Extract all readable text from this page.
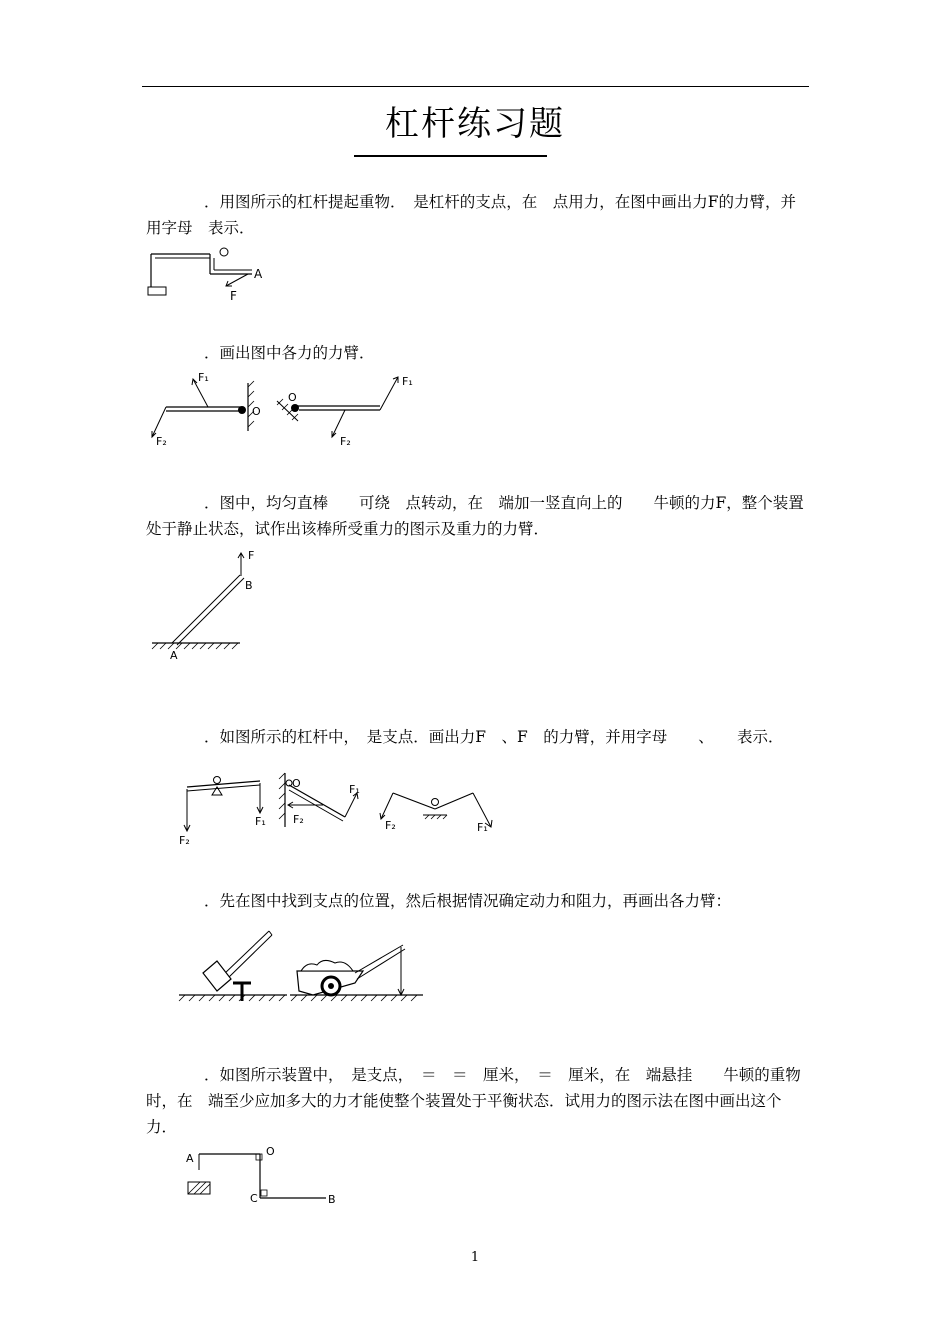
杠杆练习题

．用图所示的杠杆提起重物．　是杠杆的支点，在　点用力，在图中画出力F的力臂，并用字母　表示．

A
F

．画出图中各力的力臂．

F₁
F₂
O
O
F₁
F₂

．图中，均匀直棒　　可绕　点转动，在　端加一竖直向上的　　牛顿的力F，整个装置处于静止状态，试作出该棒所受重力的图示及重力的力臂．

F
B
A

．如图所示的杠杆中，　是支点．画出力F　、F　的力臂，并用字母　　、　　表示．

F₂
F₁
O	F₁
F₂	F₂	F₁

．先在图中找到支点的位置，然后根据情况确定动力和阻力，再画出各力臂：

．如图所示装置中，　是支点，　＝　＝　厘米，　＝　厘米，在　端悬挂　　牛顿的重物时，在　端至少应加多大的力才能使整个装置处于平衡状态．试用力的图示法在图中画出这个力．

A
O
C	B
1
